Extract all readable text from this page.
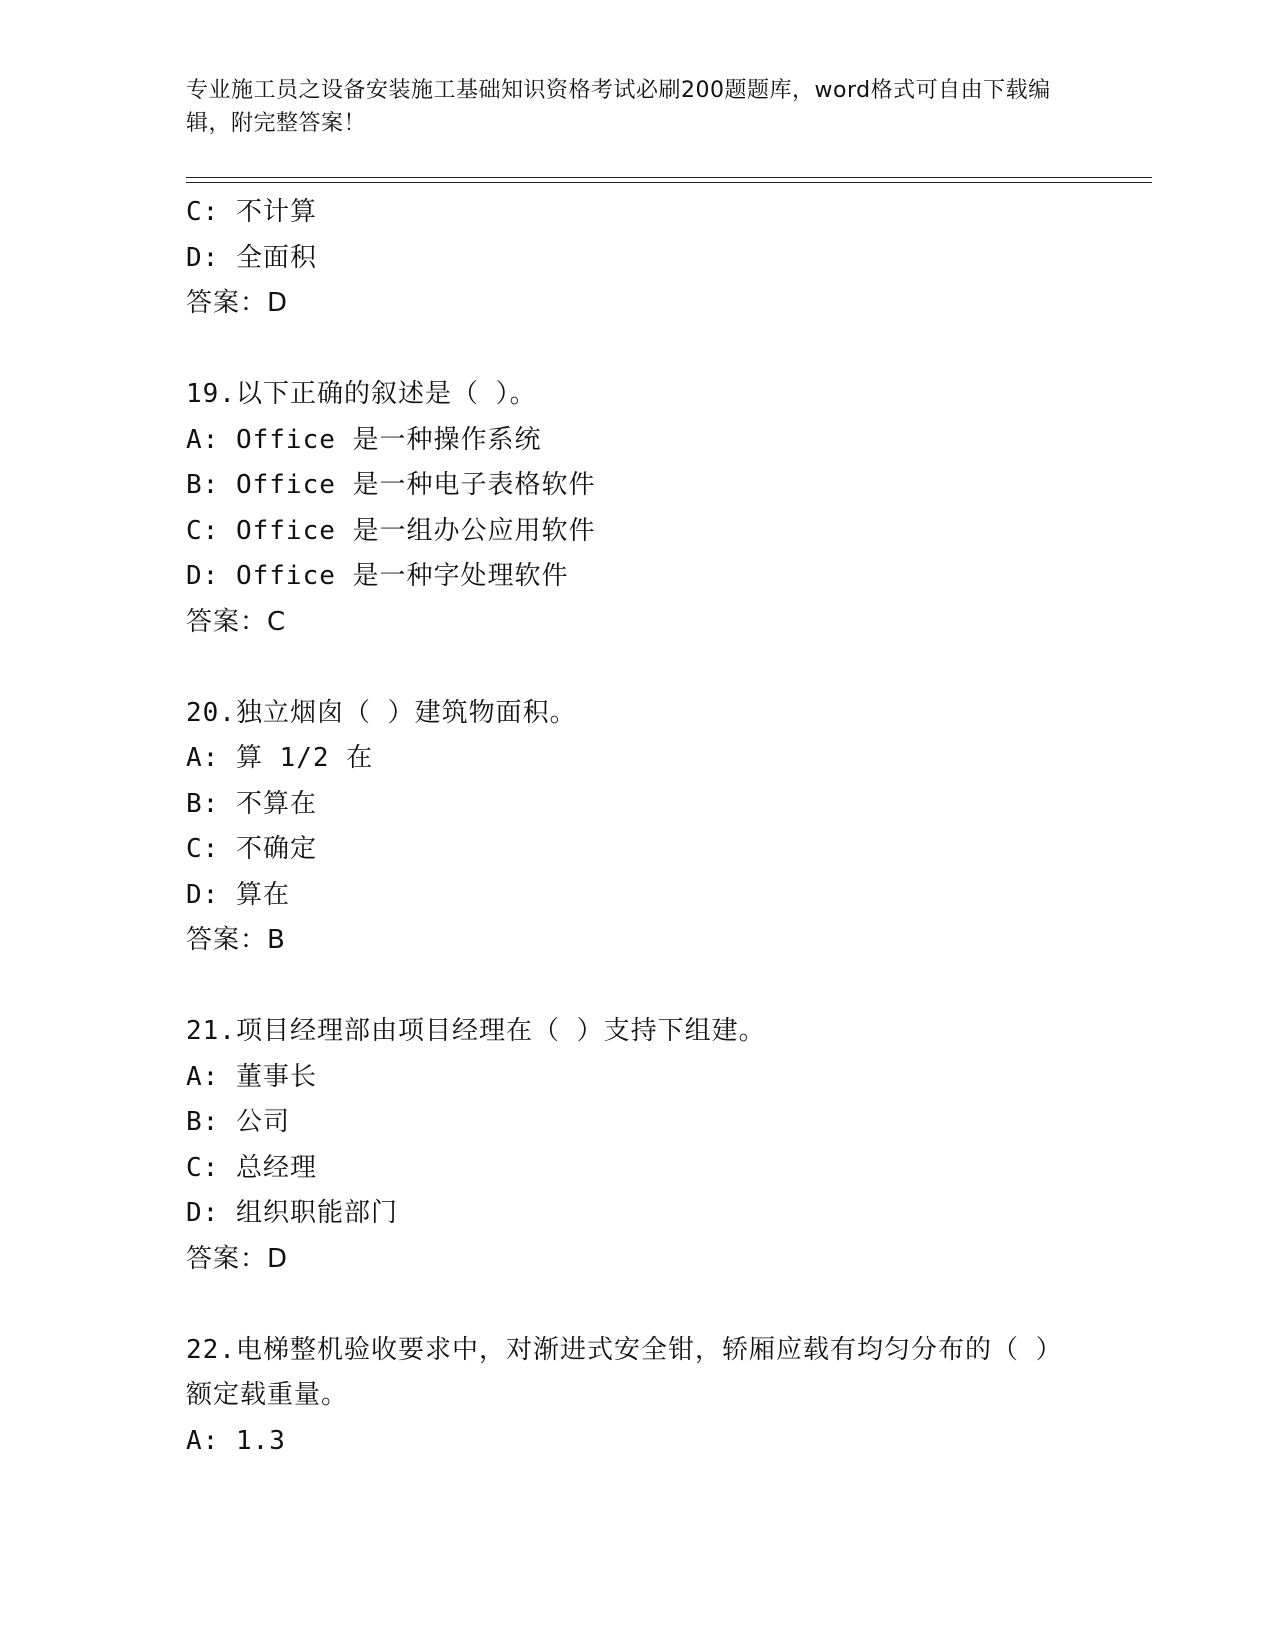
专业施工员之设备安装施工基础知识资格考试必刷200题题库，word格式可自由下载编辑，附完整答案！
C: 不计算
D: 全面积
答案：D
19.以下正确的叙述是（ ）。
A: Office 是一种操作系统
B: Office 是一种电子表格软件
C: Office 是一组办公应用软件
D: Office 是一种字处理软件
答案：C
20.独立烟囱（ ）建筑物面积。
A: 算 1/2 在
B: 不算在
C: 不确定
D: 算在
答案：B
21.项目经理部由项目经理在（ ）支持下组建。
A: 董事长
B: 公司
C: 总经理
D: 组织职能部门
答案：D
22.电梯整机验收要求中，对渐进式安全钳，轿厢应载有均匀分布的（ ）额定载重量。
A: 1.3
